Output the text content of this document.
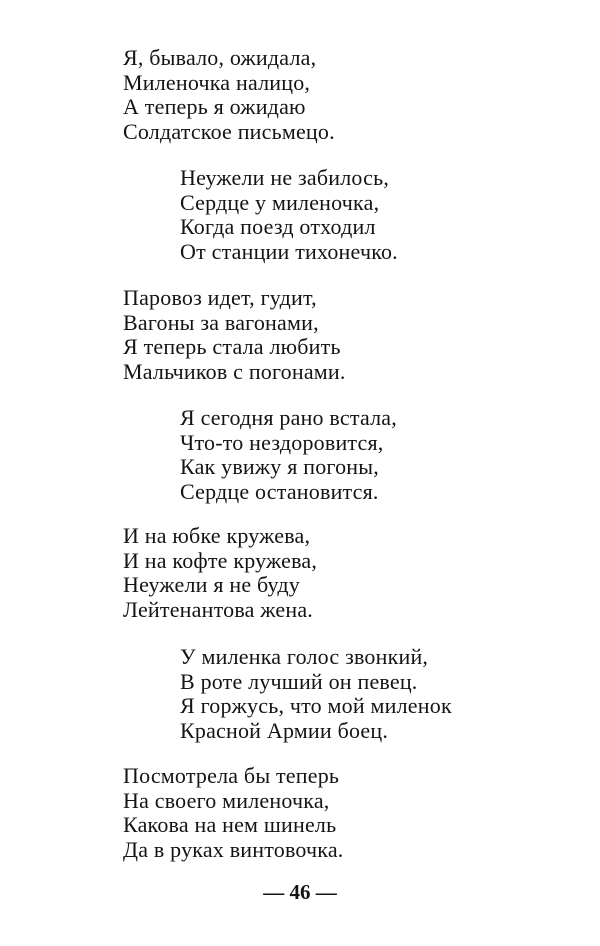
Я, бывало, ожидала,
Миленочка налицо,
А теперь я ожидаю
Солдатское письмецо.
Неужели не забилось,
Сердце у миленочка,
Когда поезд отходил
От станции тихонечко.
Паровоз идет, гудит,
Вагоны за вагонами,
Я теперь стала любить
Мальчиков с погонами.
Я сегодня рано встала,
Что-то нездоровится,
Как увижу я погоны,
Сердце остановится.
И на юбке кружева,
И на кофте кружева,
Неужели я не буду
Лейтенантова жена.
У миленка голос звонкий,
В роте лучший он певец.
Я горжусь, что мой миленок
Красной Армии боец.
Посмотрела бы теперь
На своего миленочка,
Какова на нем шинель
Да в руках винтовочка.
— 46 —
